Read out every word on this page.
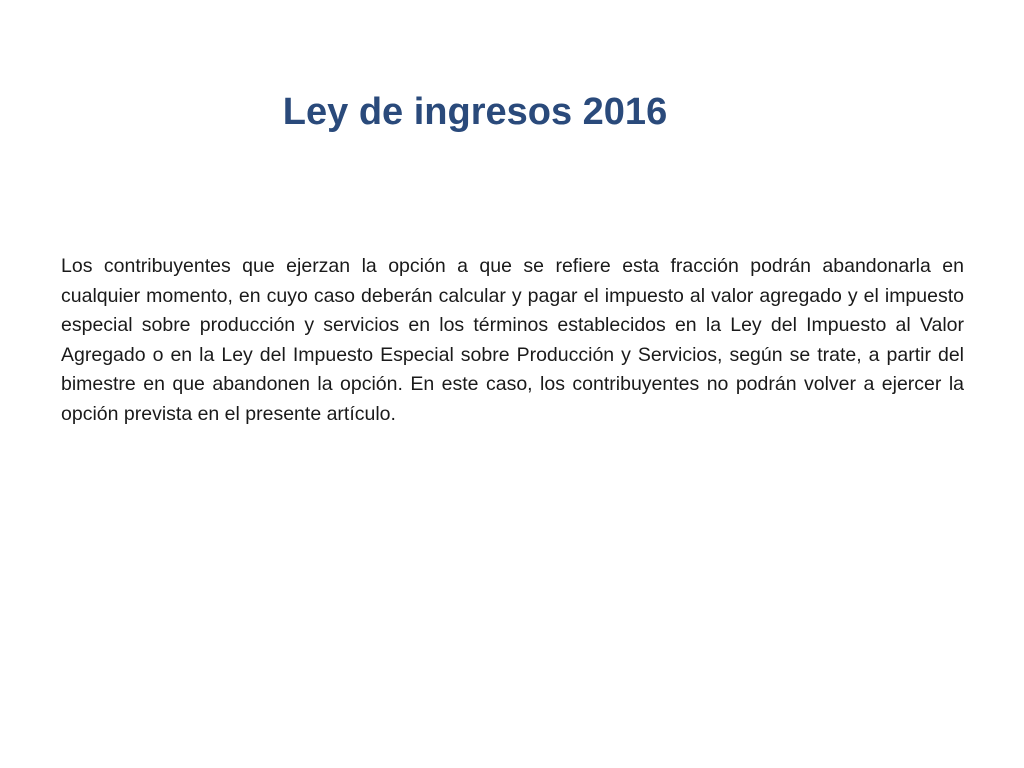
Ley de ingresos 2016

Los contribuyentes que ejerzan la opción a que se refiere esta fracción podrán abandonarla en cualquier momento, en cuyo caso deberán calcular y pagar el impuesto al valor agregado y el impuesto especial sobre producción y servicios en los términos establecidos en la Ley del Impuesto al Valor Agregado o en la Ley del Impuesto Especial sobre Producción y Servicios, según se trate, a partir del bimestre en que abandonen la opción. En este caso, los contribuyentes no podrán volver a ejercer la opción prevista en el presente artículo.
